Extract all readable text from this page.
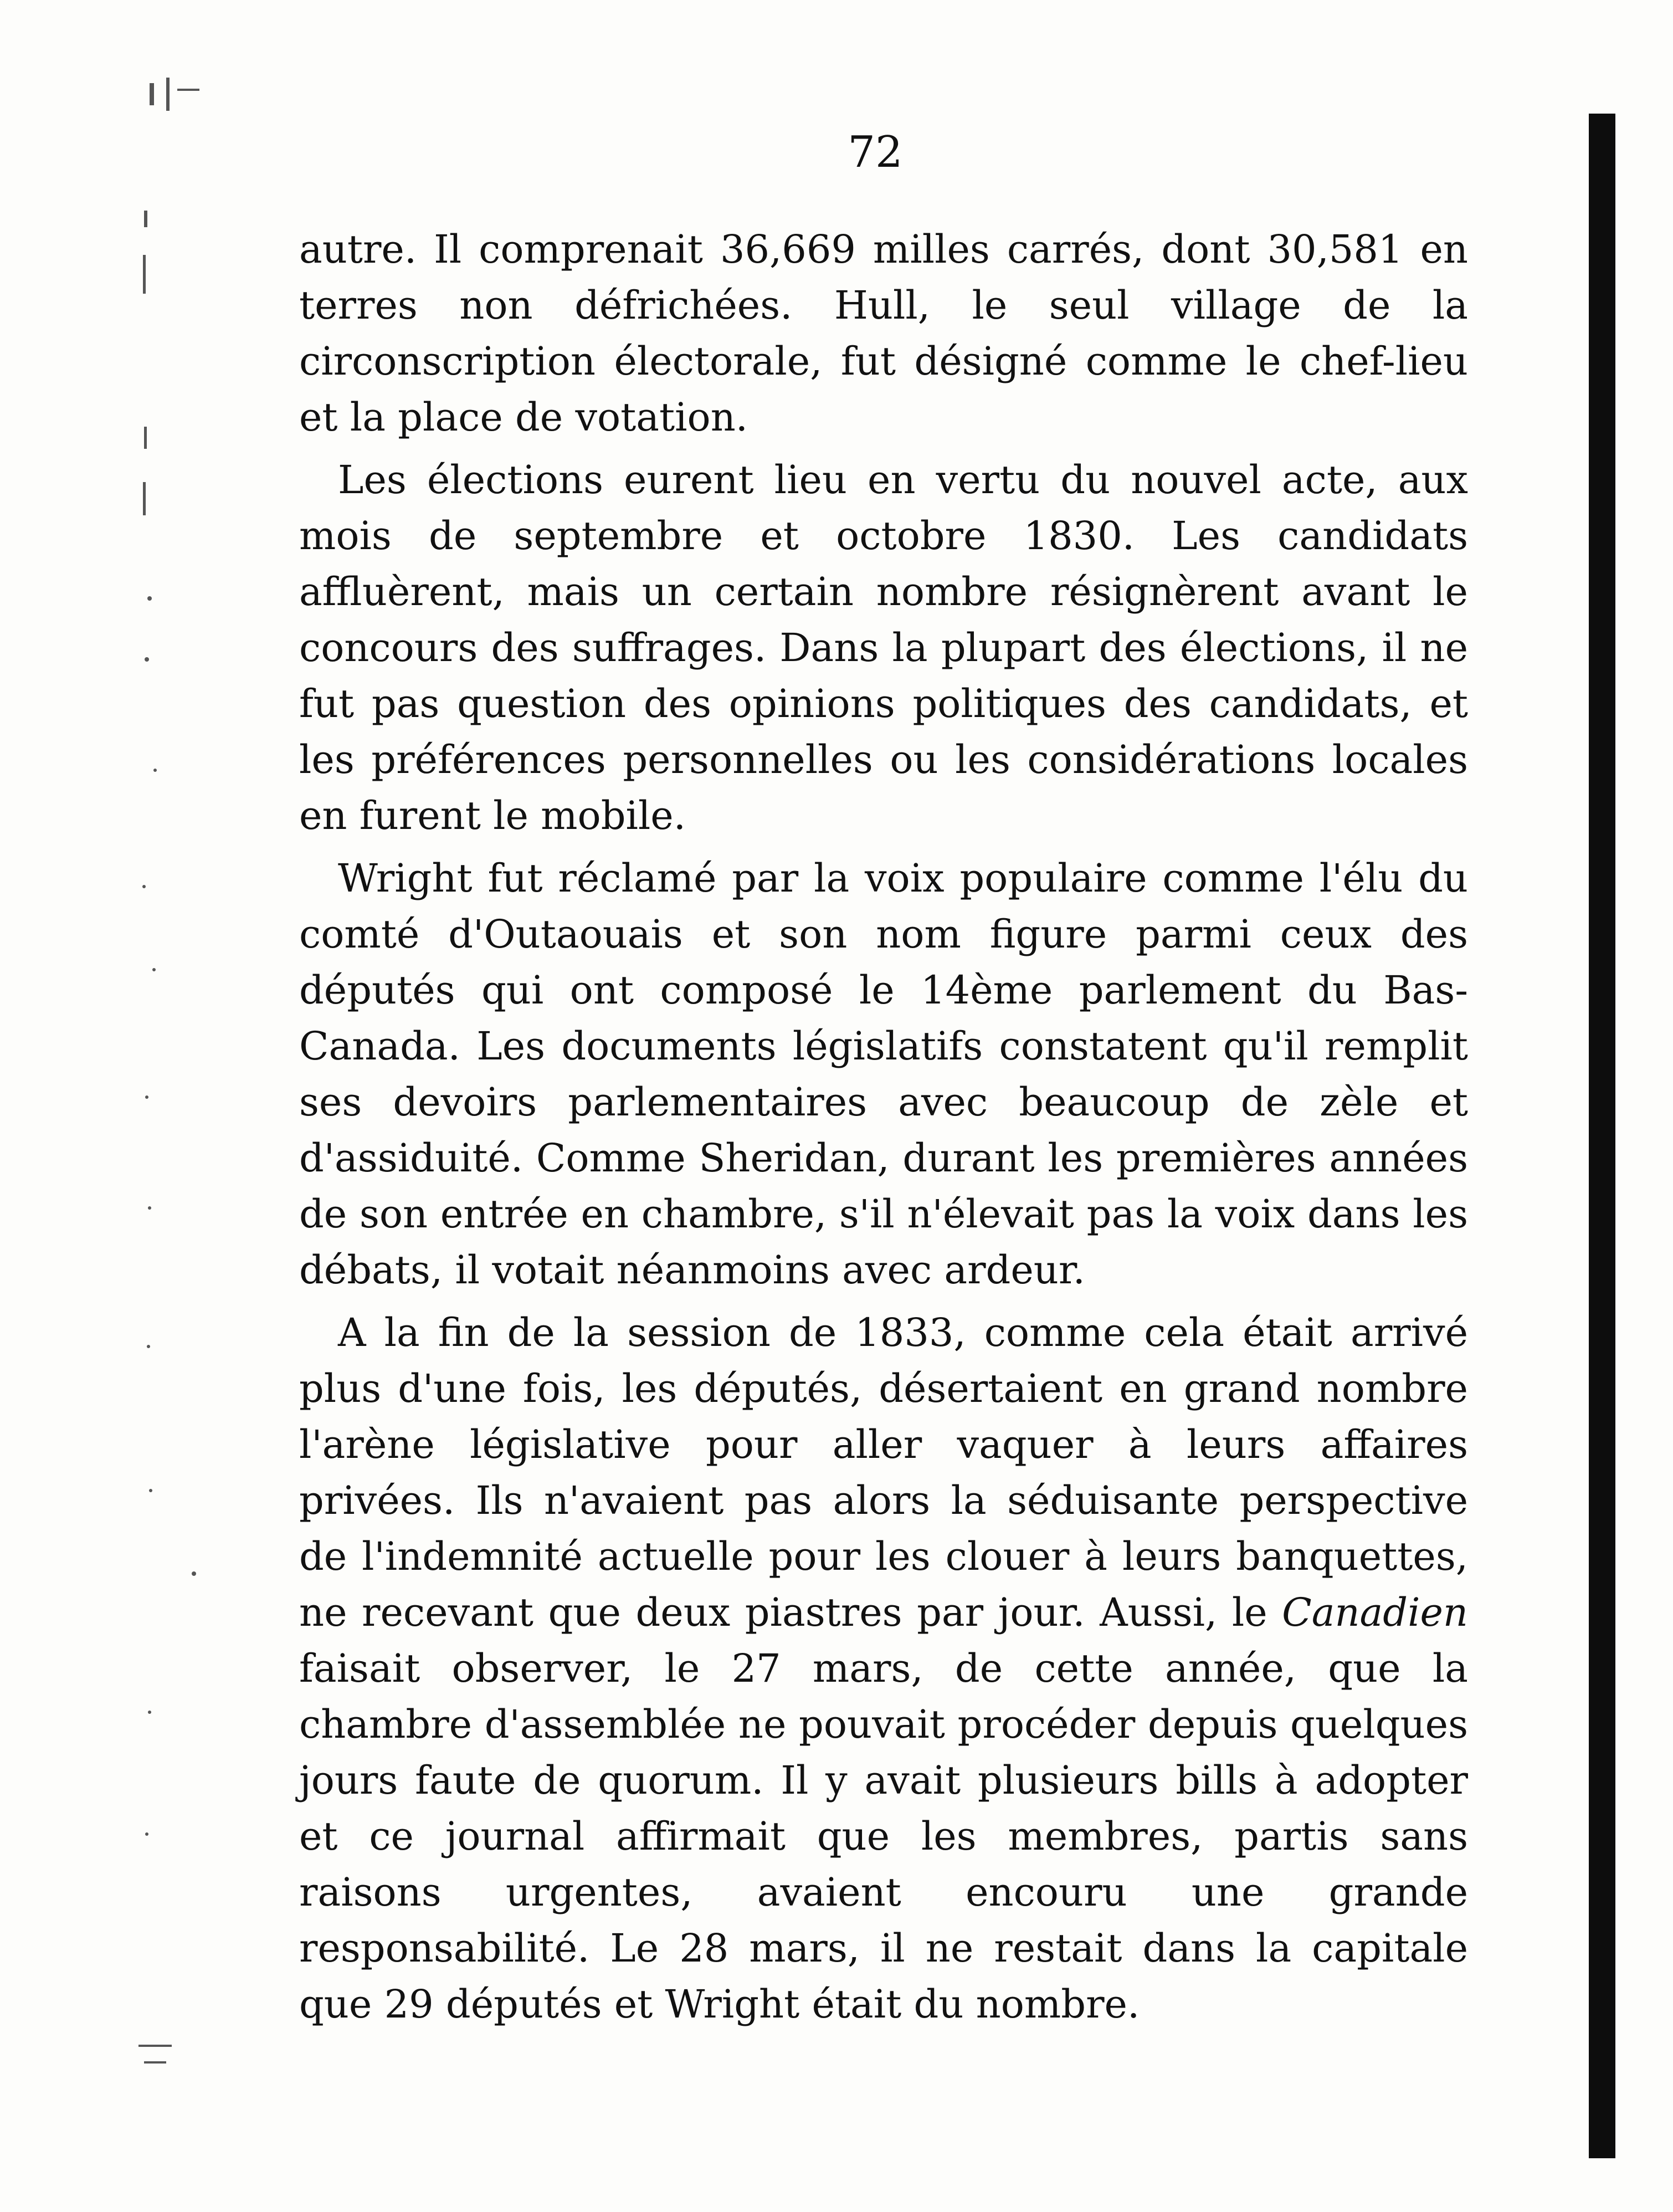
72

autre. Il comprenait 36,669 milles carrés, dont 30,581 en terres non défrichées. Hull, le seul village de la circonscription électorale, fut désigné comme le chef-lieu et la place de votation.

Les élections eurent lieu en vertu du nouvel acte, aux mois de septembre et octobre 1830. Les candidats affluèrent, mais un certain nombre résignèrent avant le concours des suffrages. Dans la plupart des élections, il ne fut pas question des opinions politiques des candidats, et les préférences personnelles ou les considérations locales en furent le mobile.

Wright fut réclamé par la voix populaire comme l'élu du comté d'Outaouais et son nom figure parmi ceux des députés qui ont composé le 14ème parlement du Bas-Canada. Les documents législatifs constatent qu'il remplit ses devoirs parlementaires avec beaucoup de zèle et d'assiduité. Comme Sheridan, durant les premières années de son entrée en chambre, s'il n'élevait pas la voix dans les débats, il votait néanmoins avec ardeur.

A la fin de la session de 1833, comme cela était arrivé plus d'une fois, les députés, désertaient en grand nombre l'arène législative pour aller vaquer à leurs affaires privées. Ils n'avaient pas alors la séduisante perspective de l'indemnité actuelle pour les clouer à leurs banquettes, ne recevant que deux piastres par jour. Aussi, le Canadien faisait observer, le 27 mars, de cette année, que la chambre d'assemblée ne pouvait procéder depuis quelques jours faute de quorum. Il y avait plusieurs bills à adopter et ce journal affirmait que les membres, partis sans raisons urgentes, avaient encouru une grande responsabilité. Le 28 mars, il ne restait dans la capitale que 29 députés et Wright était du nombre.
